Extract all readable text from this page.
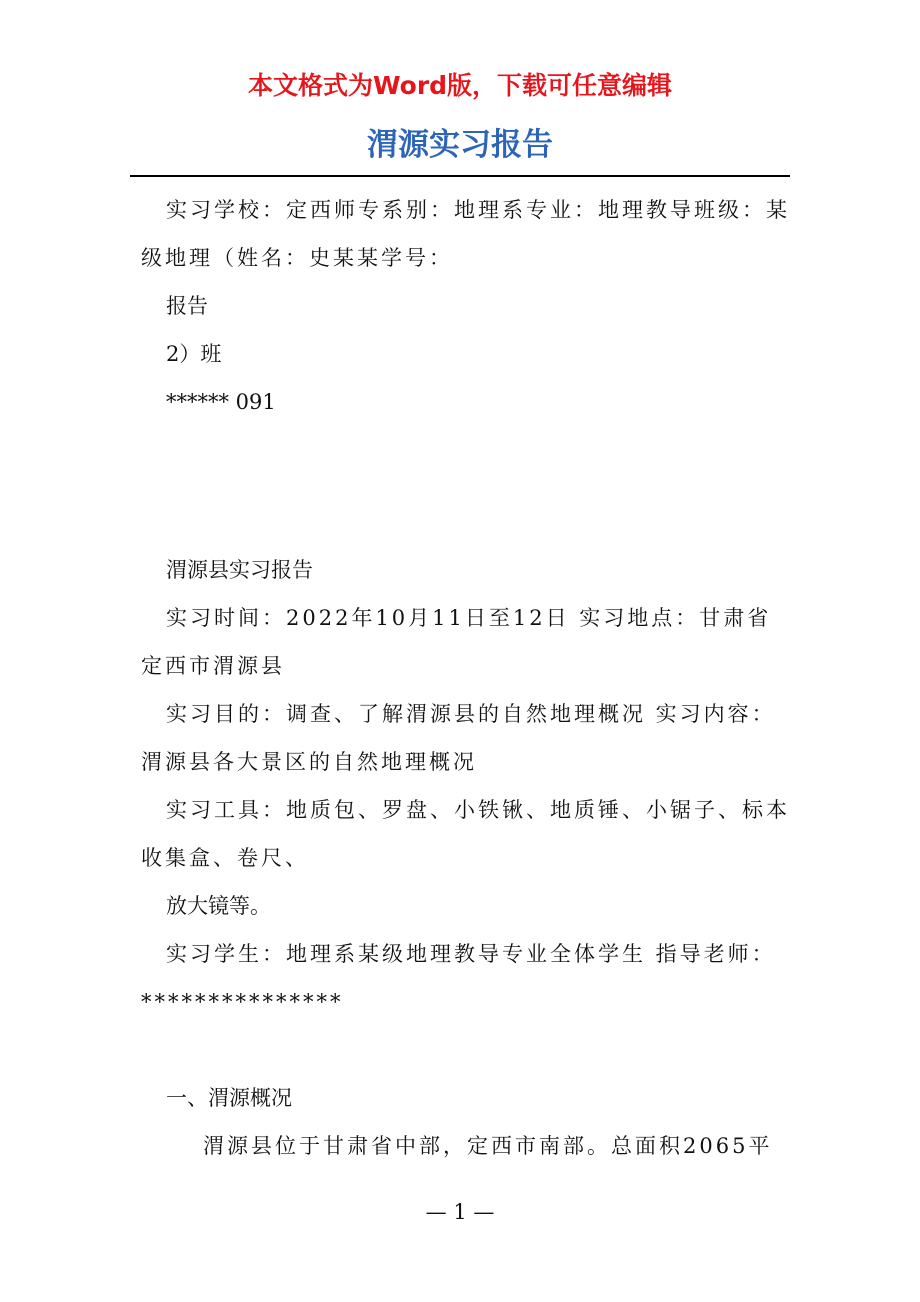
本文格式为Word版，下载可任意编辑
渭源实习报告

实习学校：定西师专系别：地理系专业：地理教导班级：某级地理（姓名：史某某学号：

报告

2）班

****** 091

渭源县实习报告

实习时间：2022年10月11日至12日 实习地点：甘肃省定西市渭源县

实习目的：调查、了解渭源县的自然地理概况 实习内容：渭源县各大景区的自然地理概况

实习工具：地质包、罗盘、小铁锹、地质锤、小锯子、标本收集盒、卷尺、

放大镜等。

实习学生：地理系某级地理教导专业全体学生 指导老师：***************

一、渭源概况

渭源县位于甘肃省中部，定西市南部。总面积2065平

— 1 —
